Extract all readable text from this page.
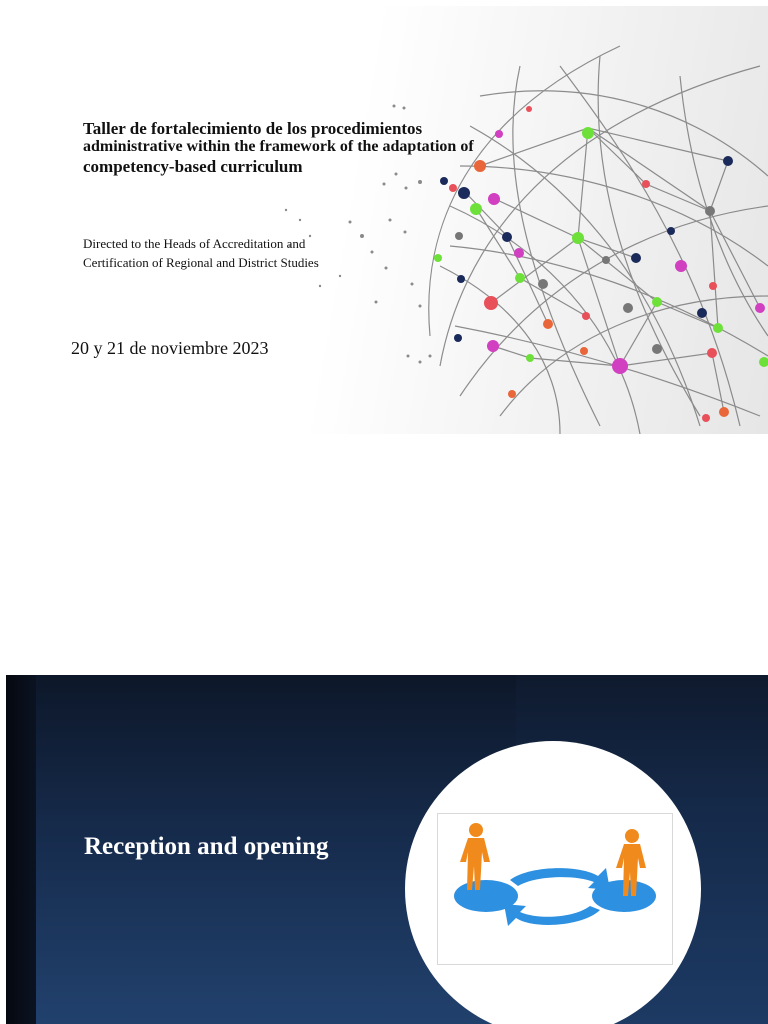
Taller de fortalecimiento de los procedimientos
administrative within the framework of the adaptation of
competency-based curriculum
Directed to the Heads of Accreditation and
Certification of Regional and District Studies
20 y 21 de noviembre 2023
Reception and opening
